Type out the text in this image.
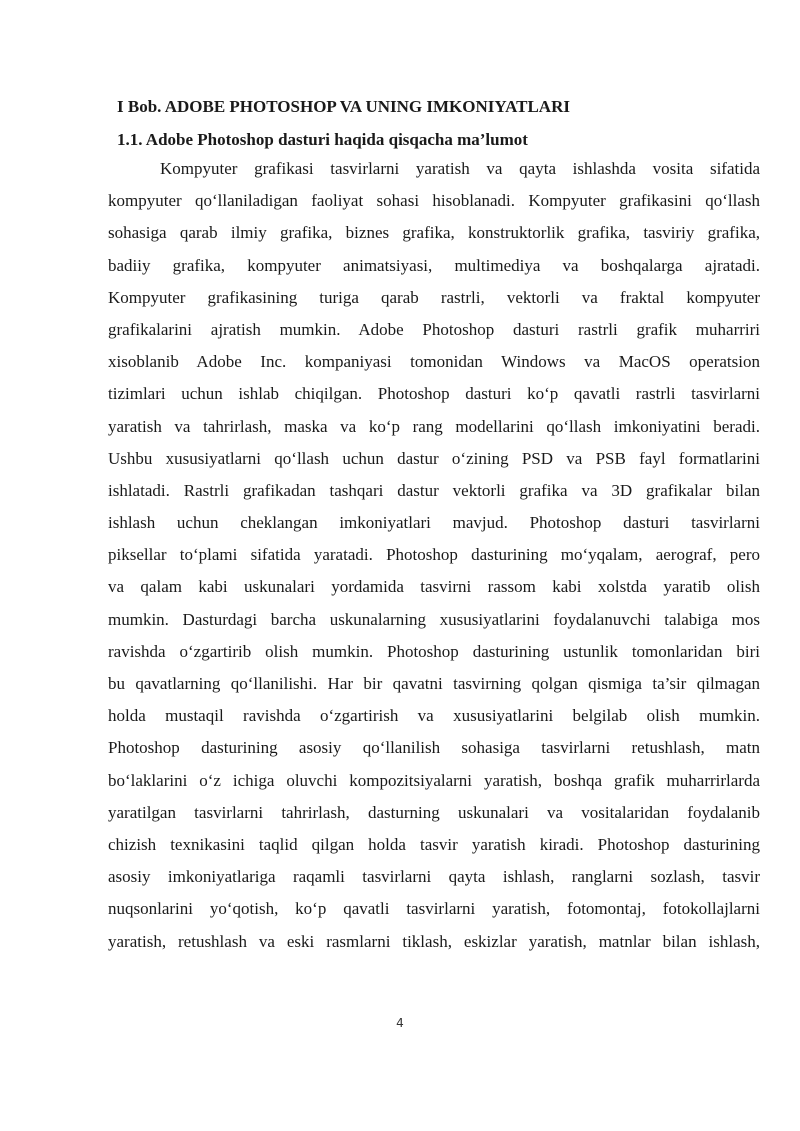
I Bob. ADOBE PHOTOSHOP VA UNING IMKONIYATLARI
1.1. Adobe Photoshop dasturi haqida qisqacha ma’lumot
Kompyuter grafikasi tasvirlarni yaratish va qayta ishlashda vosita sifatida
kompyuter qo‘llaniladigan faoliyat sohasi hisoblanadi. Kompyuter grafikasini qo‘llash
sohasiga qarab ilmiy grafika, biznes grafika, konstruktorlik grafika, tasviriy grafika,
badiiy grafika, kompyuter animatsiyasi, multimediya va boshqalarga ajratadi.
Kompyuter grafikasining turiga qarab rastrli, vektorli va fraktal kompyuter
grafikalarini ajratish mumkin. Adobe Photoshop dasturi rastrli grafik muharriri
xisoblanib Adobe Inc. kompaniyasi tomonidan Windows va MacOS operatsion
tizimlari uchun ishlab chiqilgan. Photoshop dasturi ko‘p qavatli rastrli tasvirlarni
yaratish va tahrirlash, maska va ko‘p rang modellarini qo‘llash imkoniyatini beradi.
Ushbu xususiyatlarni qo‘llash uchun dastur o‘zining PSD va PSB fayl formatlarini
ishlatadi. Rastrli grafikadan tashqari dastur vektorli grafika va 3D grafikalar bilan
ishlash uchun cheklangan imkoniyatlari mavjud. Photoshop dasturi tasvirlarni
piksellar to‘plami sifatida yaratadi. Photoshop dasturining mo‘yqalam, aerograf, pero
va qalam kabi uskunalari yordamida tasvirni rassom kabi xolstda yaratib olish
mumkin. Dasturdagi barcha uskunalarning xususiyatlarini foydalanuvchi talabiga mos
ravishda o‘zgartirib olish mumkin. Photoshop dasturining ustunlik tomonlaridan biri
bu qavatlarning qo‘llanilishi. Har bir qavatni tasvirning qolgan qismiga ta’sir qilmagan
holda mustaqil ravishda o‘zgartirish va xususiyatlarini belgilab olish mumkin.
Photoshop dasturining asosiy qo‘llanilish sohasiga tasvirlarni retushlash, matn
bo‘laklarini o‘z ichiga oluvchi kompozitsiyalarni yaratish, boshqa grafik muharrirlarda
yaratilgan tasvirlarni tahrirlash, dasturning uskunalari va vositalaridan foydalanib
chizish texnikasini taqlid qilgan holda tasvir yaratish kiradi. Photoshop dasturining
asosiy imkoniyatlariga raqamli tasvirlarni qayta ishlash, ranglarni sozlash, tasvir
nuqsonlarini yo‘qotish, ko‘p qavatli tasvirlarni yaratish, fotomontaj, fotokollajlarni
yaratish, retushlash va eski rasmlarni tiklash, eskizlar yaratish, matnlar bilan ishlash,
4
